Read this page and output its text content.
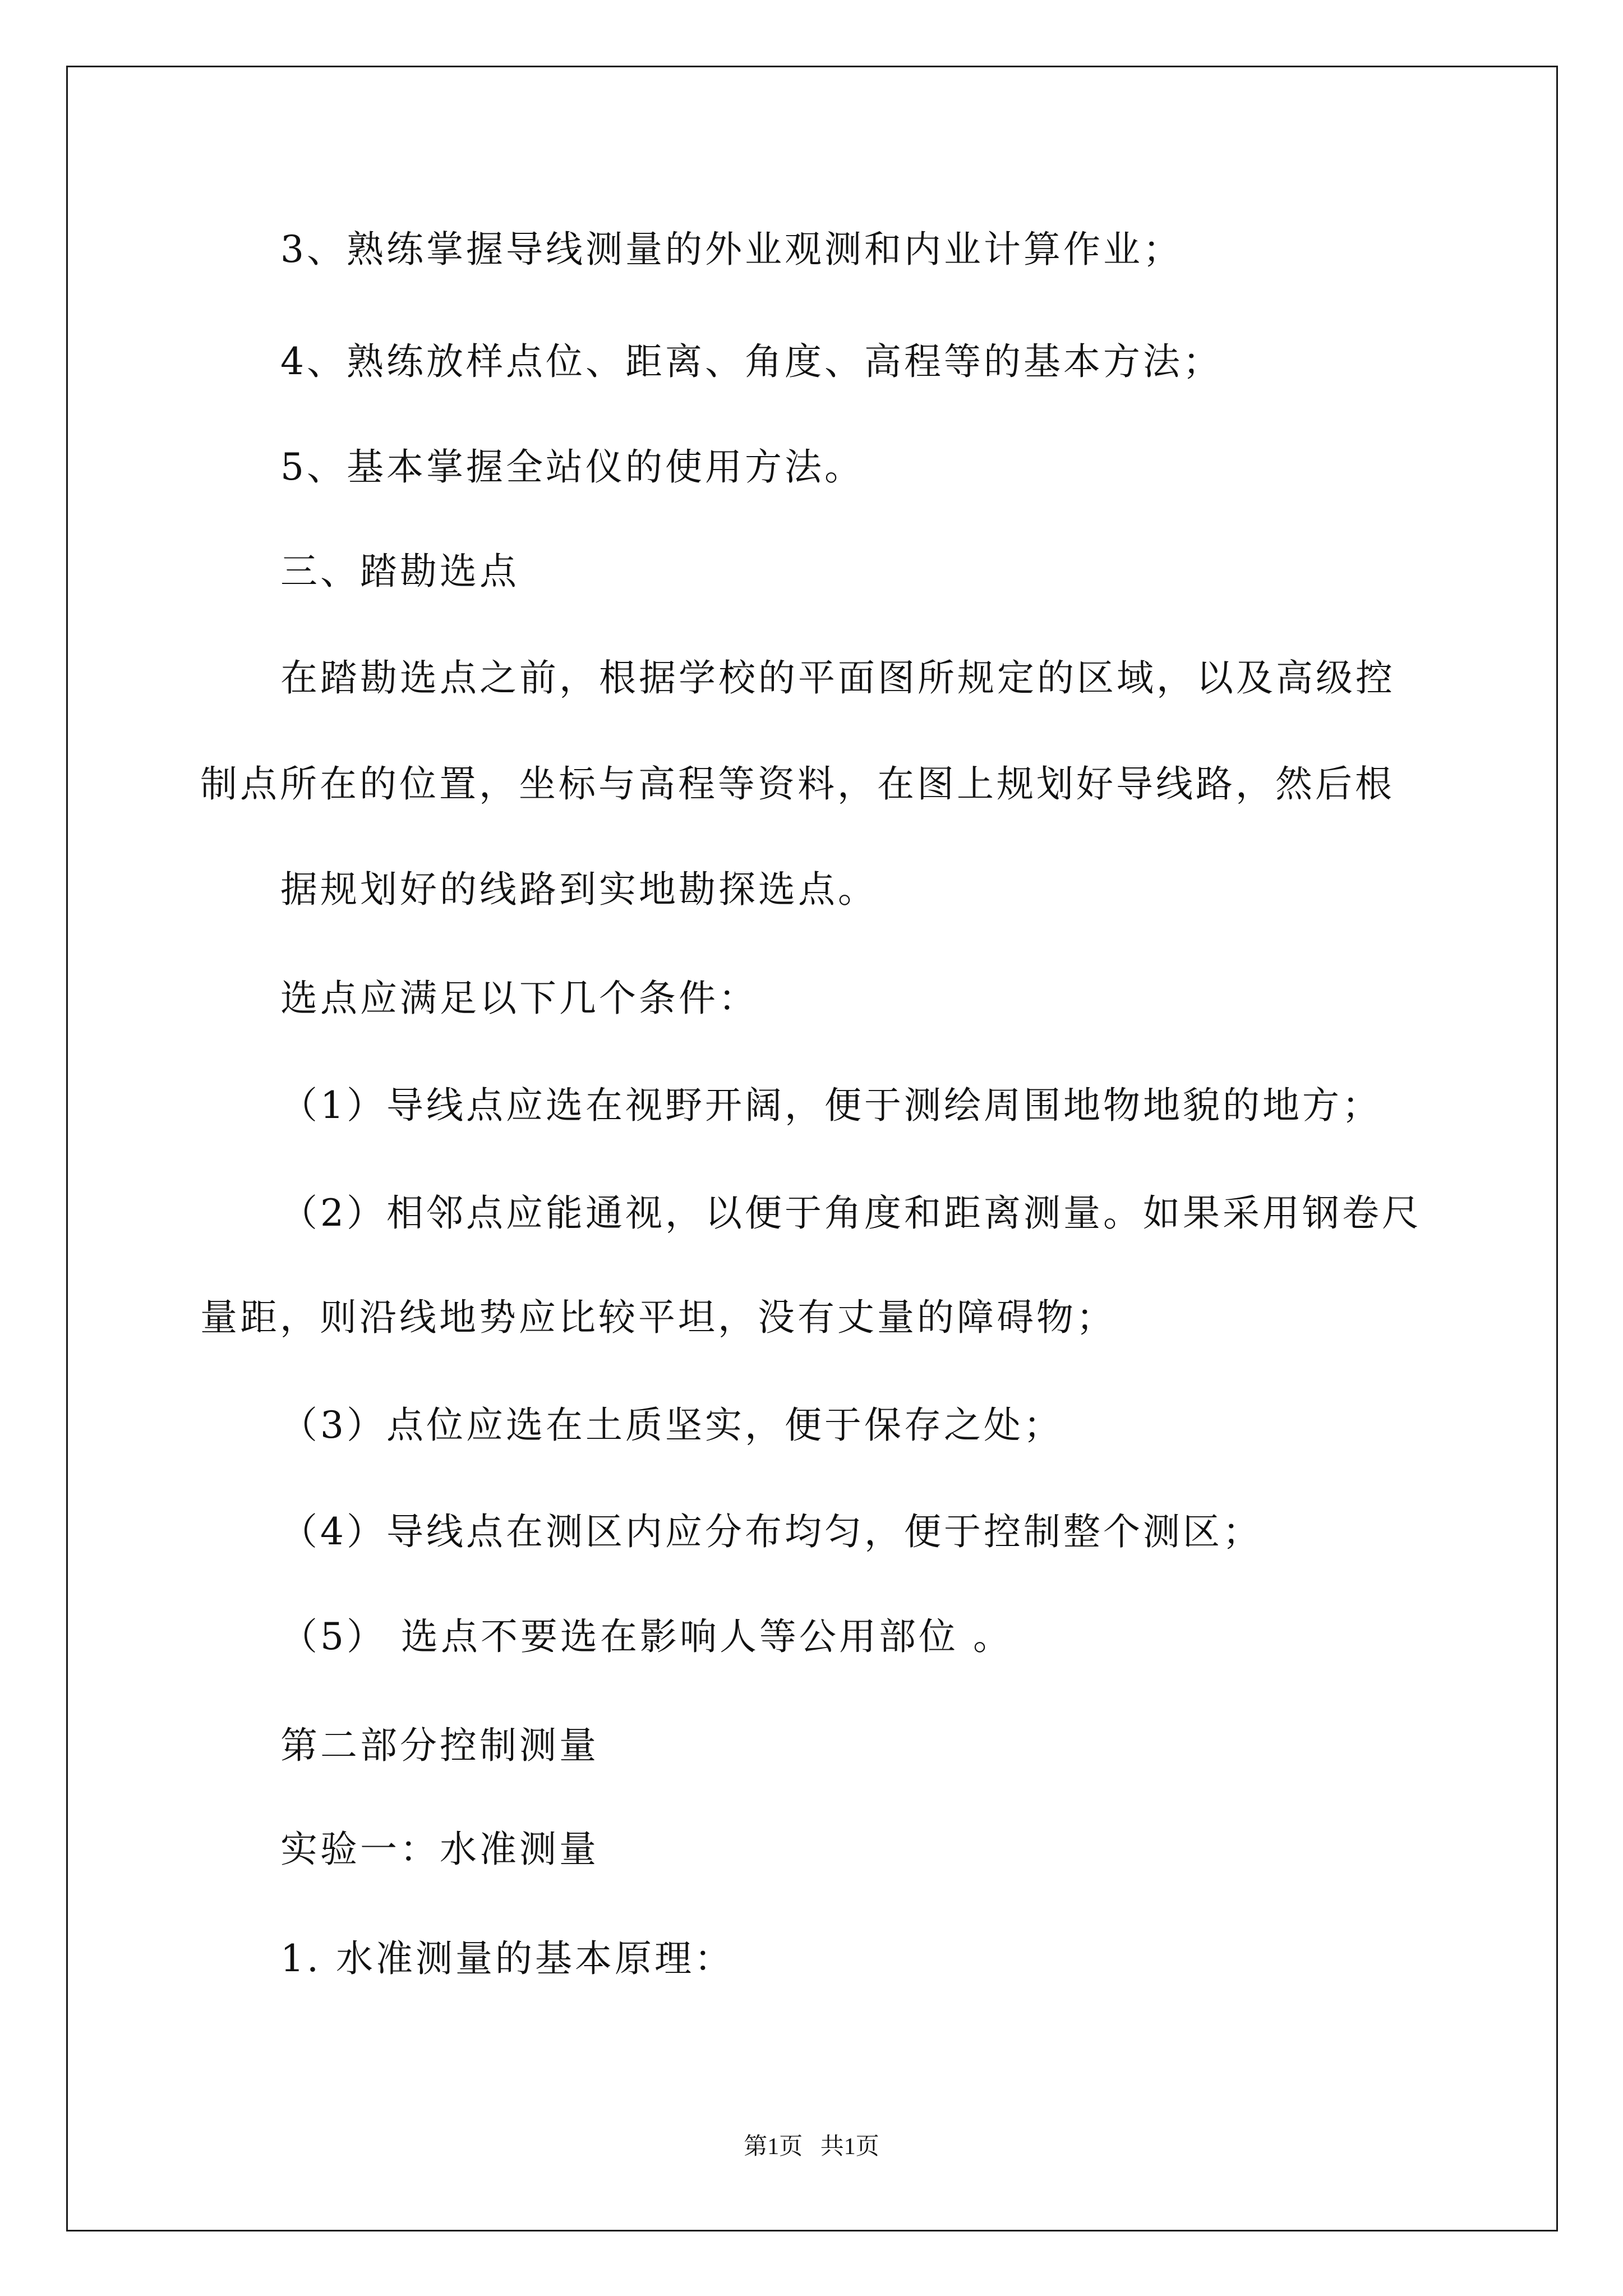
3、熟练掌握导线测量的外业观测和内业计算作业；
4、熟练放样点位、距离、角度、高程等的基本方法；
5、基本掌握全站仪的使用方法。
三、踏勘选点
在踏勘选点之前，根据学校的平面图所规定的区域，以及高级控
制点所在的位置，坐标与高程等资料，在图上规划好导线路，然后根
据规划好的线路到实地勘探选点。
选点应满足以下几个条件：
（1）导线点应选在视野开阔，便于测绘周围地物地貌的地方；
（2）相邻点应能通视，以便于角度和距离测量。如果采用钢卷尺
量距，则沿线地势应比较平坦，没有丈量的障碍物；
（3）点位应选在土质坚实，便于保存之处；
（4）导线点在测区内应分布均匀，便于控制整个测区；
（5） 选点不要选在影响人等公用部位 。
第二部分控制测量
实验一：水准测量
1. 水准测量的基本原理：
第1页   共1页
